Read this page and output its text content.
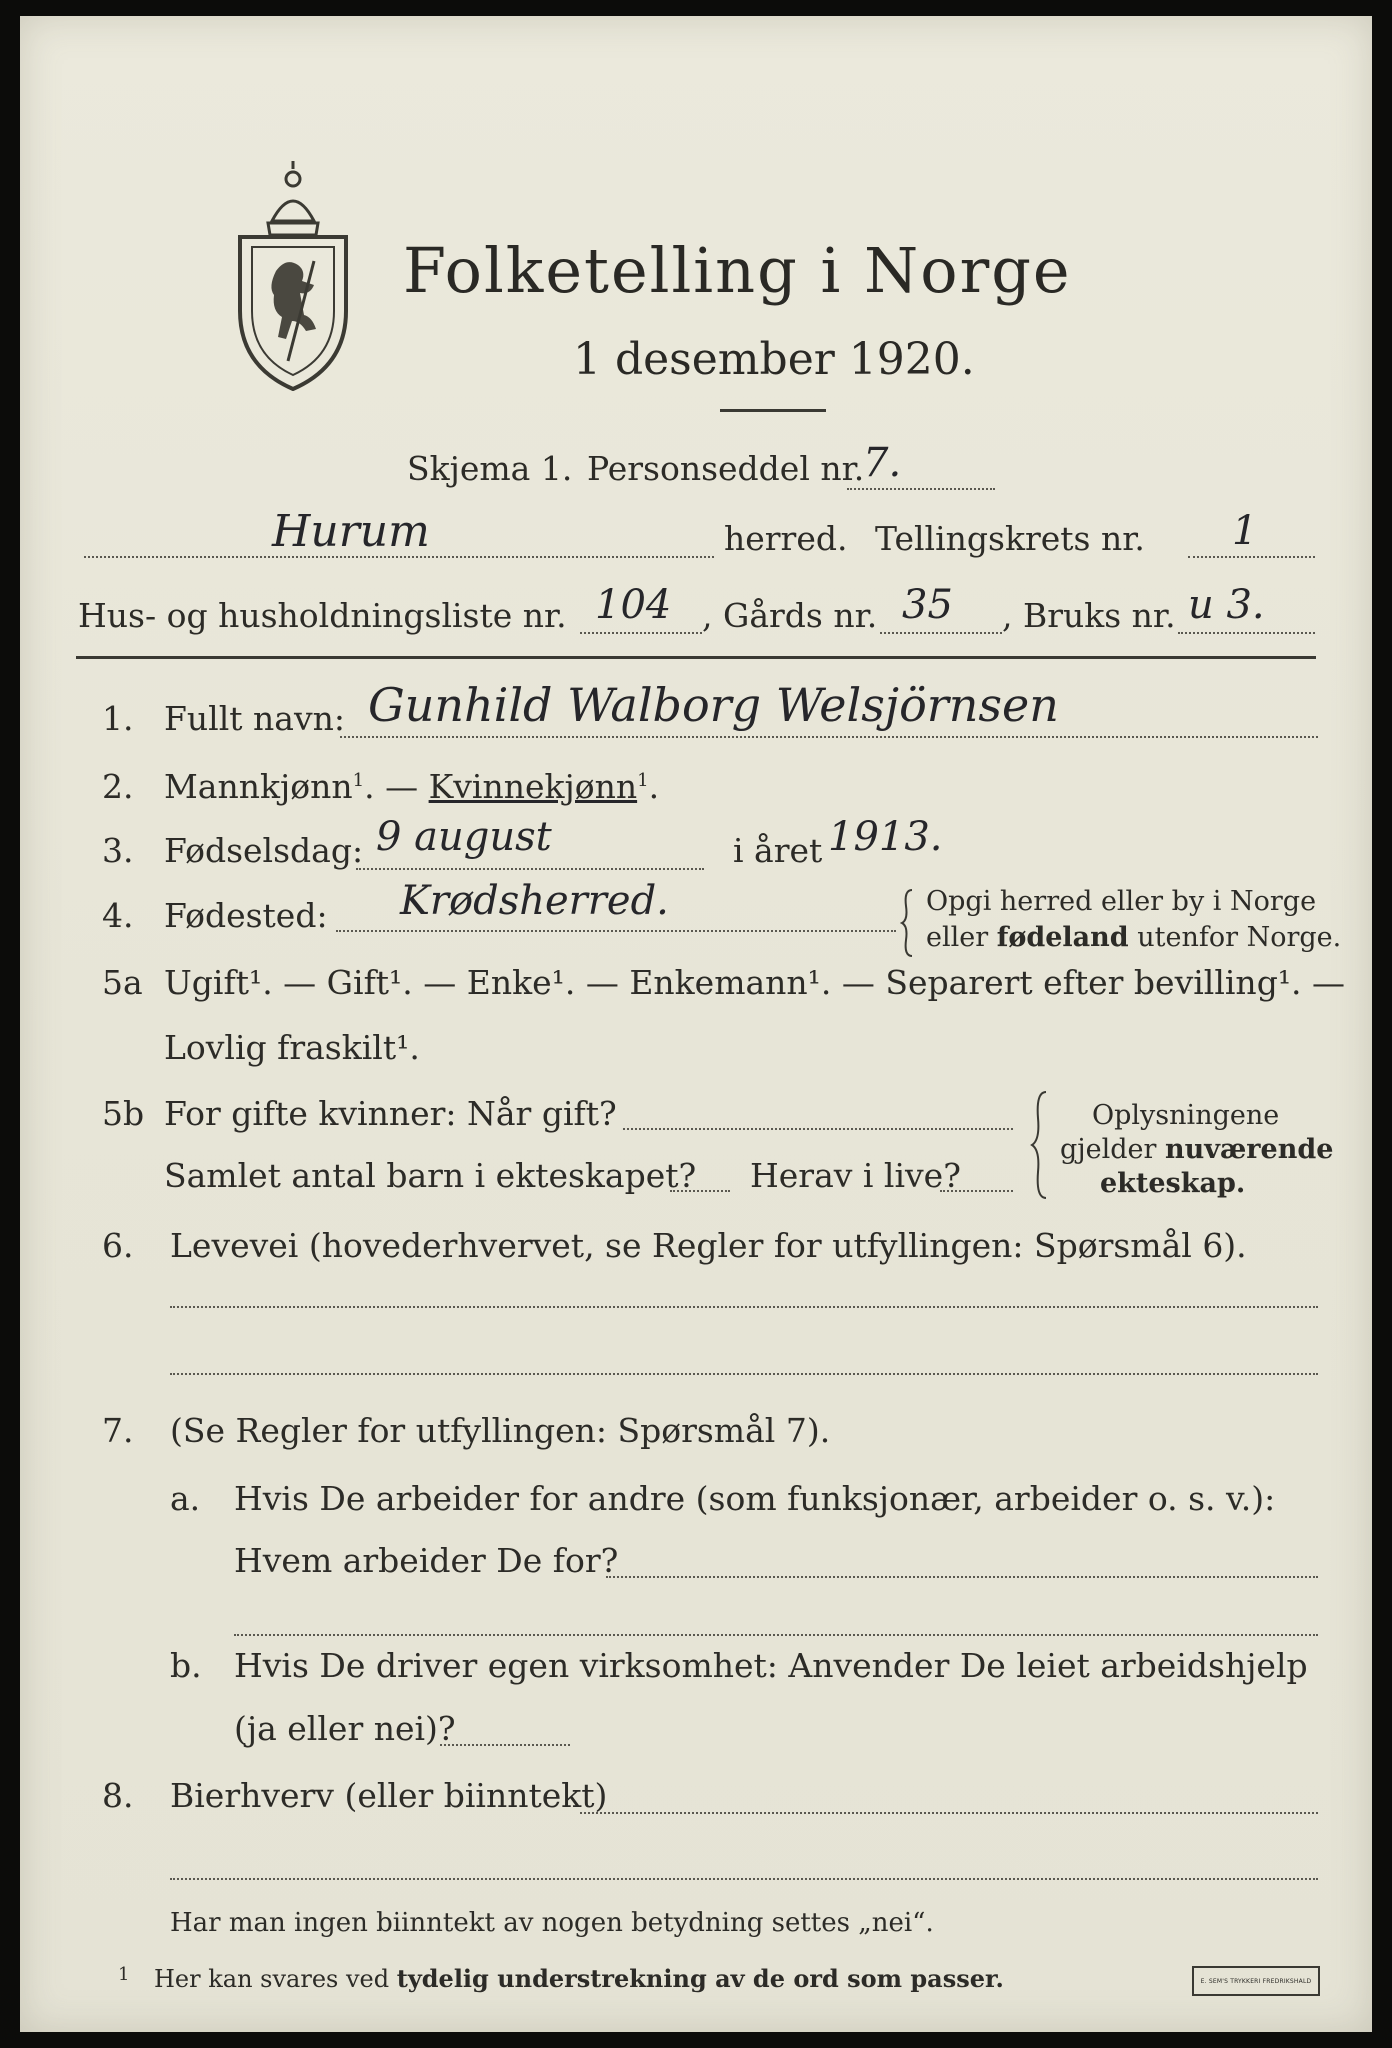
Folketelling i Norge
1 desember 1920.
Skjema 1. Personseddel nr.
7.
Hurum	herred. Tellingskrets nr. 1
Hus- og husholdningsliste nr. 104 , Gårds nr. 35 , Bruks nr. u 3.
1. Fullt navn: Gunhild Walborg Welsjörnsen
2. Mannkjønn$^1$. — Kvinnekjønn$^1$.
3. Fødselsdag: 9 august	i året 1913.
4. Fødested: Krødsherred.	Opgi herred eller by i Norge
eller fødeland utenfor Norge.
5a Ugift¹. — Gift¹. — Enke¹. — Enkemann¹. — Separert efter bevilling¹. —
Lovlig fraskilt¹.
5b For gifte kvinner: Når gift?
Samlet antal barn i ekteskapet? Herav i live?
Oplysningene
gjelder nuværende
ekteskap.
6. Levevei (hovederhvervet, se Regler for utfyllingen: Spørsmål 6).
7. (Se Regler for utfyllingen: Spørsmål 7).
a. Hvis De arbeider for andre (som funksjonær, arbeider o. s. v.):
Hvem arbeider De for?
b. Hvis De driver egen virksomhet: Anvender De leiet arbeidshjelp
(ja eller nei)?
8. Bierhverv (eller biinntekt)
Har man ingen biinntekt av nogen betydning settes „nei“.
1 Her kan svares ved tydelig understrekning av de ord som passer.	E. SEM'S TRYKKERI FREDRIKSHALD
